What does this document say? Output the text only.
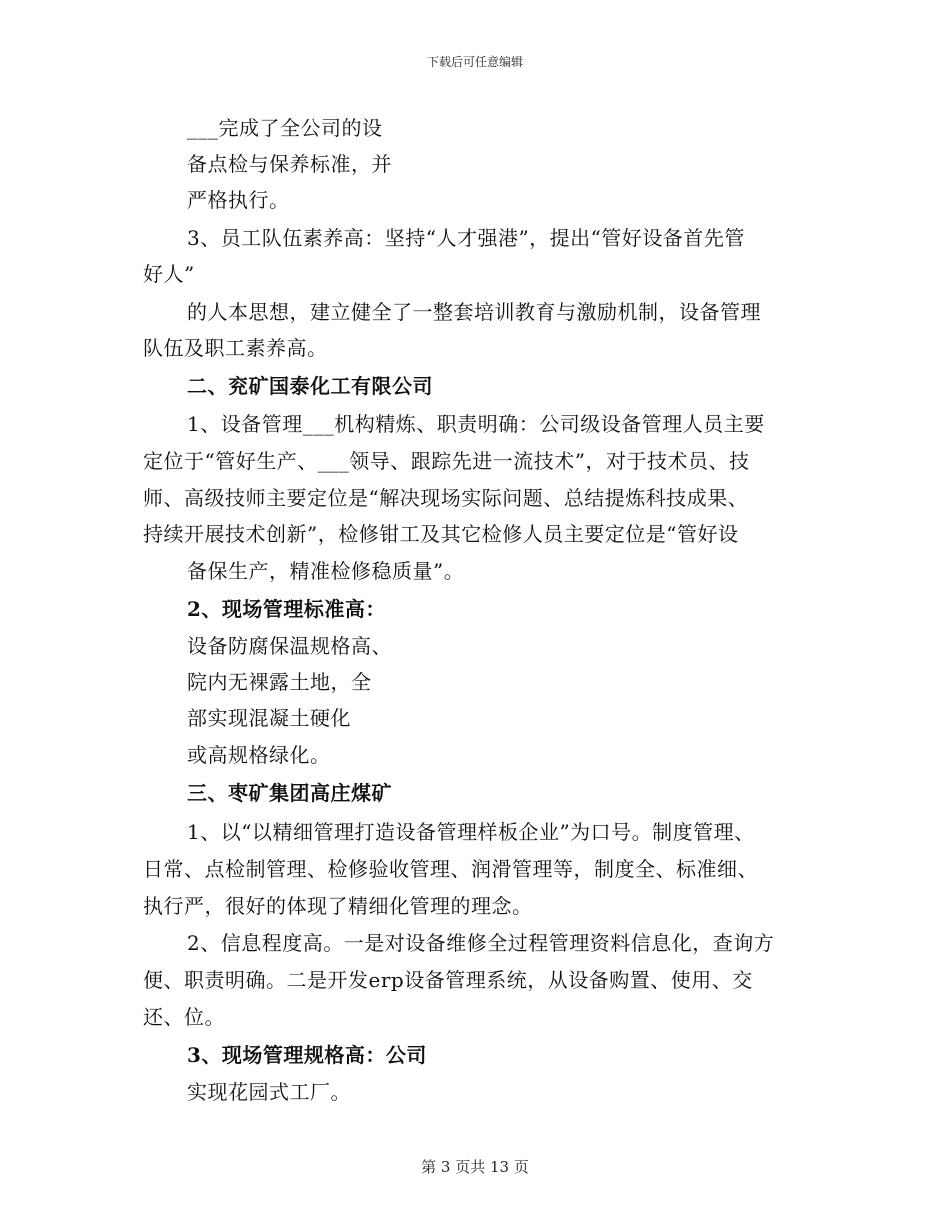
下载后可任意编辑
___完成了全公司的设
备点检与保养标准，并
严格执行。
3、员工队伍素养高：坚持“人才强港”，提出“管好设备首先管
好人”
的人本思想，建立健全了一整套培训教育与激励机制，设备管理
队伍及职工素养高。
二、兖矿国泰化工有限公司
1、设备管理___机构精炼、职责明确：公司级设备管理人员主要
定位于“管好生产、___领导、跟踪先进一流技术”，对于技术员、技
师、高级技师主要定位是“解决现场实际问题、总结提炼科技成果、
持续开展技术创新”，检修钳工及其它检修人员主要定位是“管好设
备保生产，精准检修稳质量”。
2、现场管理标准高：
设备防腐保温规格高、
院内无裸露土地，全
部实现混凝土硬化
或高规格绿化。
三、枣矿集团高庄煤矿
1、以“以精细管理打造设备管理样板企业”为口号。制度管理、
日常、点检制管理、检修验收管理、润滑管理等，制度全、标准细、
执行严，很好的体现了精细化管理的理念。
2、信息程度高。一是对设备维修全过程管理资料信息化，查询方
便、职责明确。二是开发erp设备管理系统，从设备购置、使用、交
还、位。
3、现场管理规格高：公司
实现花园式工厂。
第 3 页共 13 页
